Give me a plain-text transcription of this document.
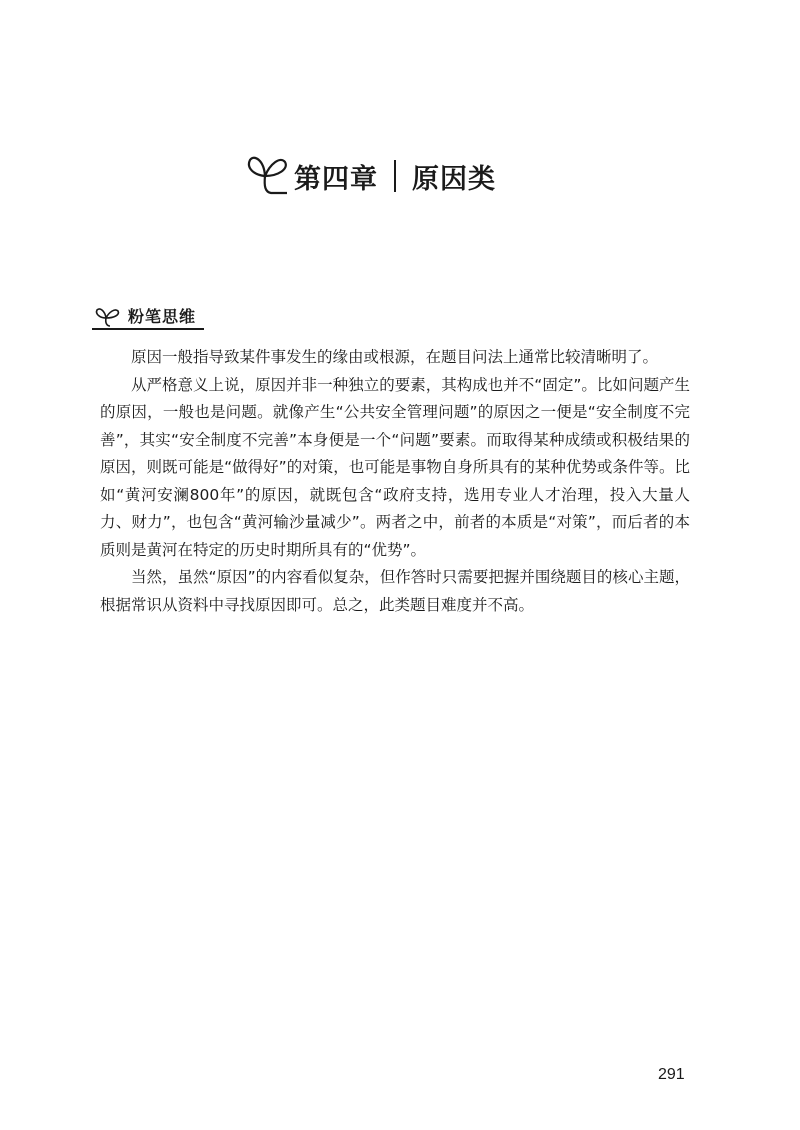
第四章 原因类
粉笔思维

原因一般指导致某件事发生的缘由或根源，在题目问法上通常比较清晰明了。

从严格意义上说，原因并非一种独立的要素，其构成也并不“固定”。比如问题产生的原因，一般也是问题。就像产生“公共安全管理问题”的原因之一便是“安全制度不完善”，其实“安全制度不完善”本身便是一个“问题”要素。而取得某种成绩或积极结果的原因，则既可能是“做得好”的对策，也可能是事物自身所具有的某种优势或条件等。比如“黄河安澜800年”的原因，就既包含“政府支持，选用专业人才治理，投入大量人力、财力”，也包含“黄河输沙量减少”。两者之中，前者的本质是“对策”，而后者的本质则是黄河在特定的历史时期所具有的“优势”。

当然，虽然“原因”的内容看似复杂，但作答时只需要把握并围绕题目的核心主题，根据常识从资料中寻找原因即可。总之，此类题目难度并不高。

291
